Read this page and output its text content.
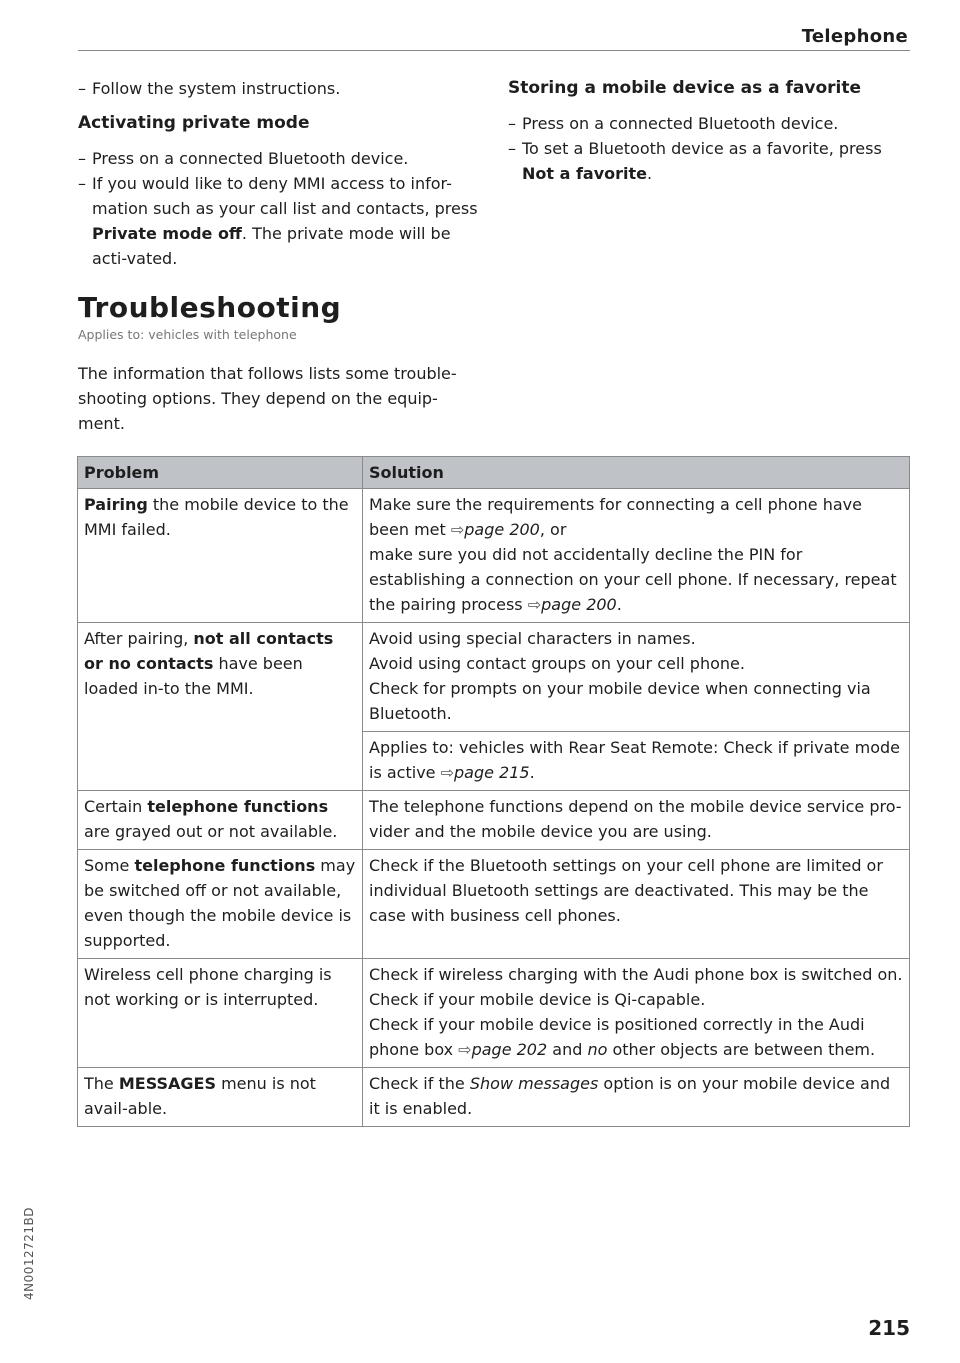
Telephone

– Follow the system instructions.

Activating private mode

– Press on a connected Bluetooth device.

– If you would like to deny MMI access to infor-mation such as your call list and contacts, press Private mode off. The private mode will be acti-vated.

Troubleshooting
Applies to: vehicles with telephone

The information that follows lists some trouble-shooting options. They depend on the equip-ment.

Storing a mobile device as a favorite

– Press on a connected Bluetooth device.

– To set a Bluetooth device as a favorite, press Not a favorite.

Problem	Solution
Pairing the mobile device to the MMI failed.	Make sure the requirements for connecting a cell phone have been met ⇨page 200, or
make sure you did not accidentally decline the PIN for establishing a connection on your cell phone. If necessary, repeat the pairing process ⇨page 200.

After pairing, not all contacts or no contacts have been loaded in-to the MMI.	Avoid using special characters in names.
Avoid using contact groups on your cell phone.
Check for prompts on your mobile device when connecting via Bluetooth.

	Applies to: vehicles with Rear Seat Remote: Check if private mode is active ⇨page 215.
Certain telephone functions are grayed out or not available.	The telephone functions depend on the mobile device service pro-vider and the mobile device you are using.
Some telephone functions may be switched off or not available, even though the mobile device is supported.	Check if the Bluetooth settings on your cell phone are limited or individual Bluetooth settings are deactivated. This may be the case with business cell phones.
Wireless cell phone charging is not working or is interrupted.	Check if wireless charging with the Audi phone box is switched on.
Check if your mobile device is Qi-capable.
Check if your mobile device is positioned correctly in the Audi phone box ⇨page 202 and no other objects are between them.

The MESSAGES menu is not avail-able.	Check if the Show messages option is on your mobile device and it is enabled.
4N0012721BD
215
